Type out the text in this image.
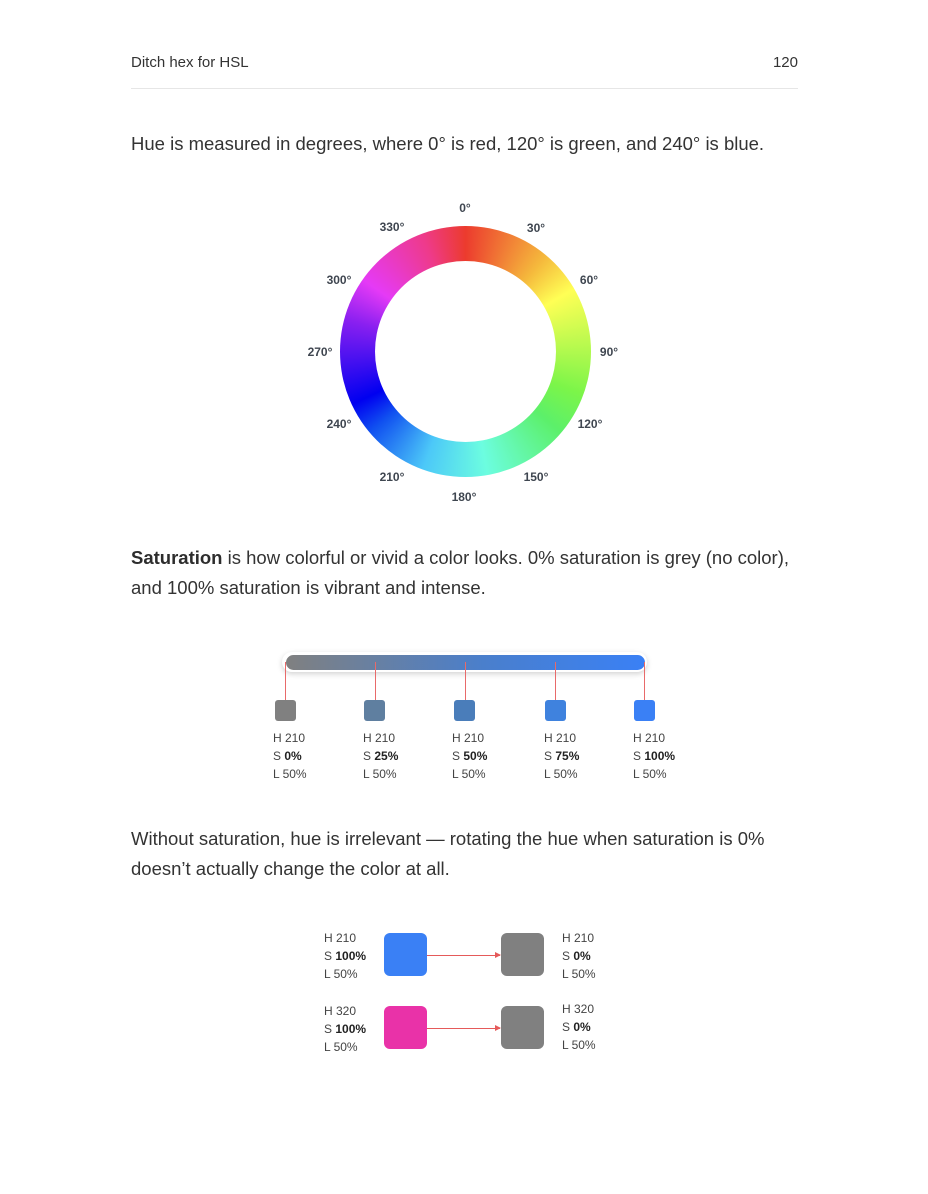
Ditch hex for HSL	120

Hue is measured in degrees, where 0° is red, 120° is green, and 240° is blue.

0°
30°
60°
90°
120°
150°
180°
210°
240°
270°
300°
330°

Saturation is how colorful or vivid a color looks. 0% saturation is grey (no color), and 100% saturation is vibrant and intense.

H 210
S 0%
L 50%
H 210
S 25%
L 50%
H 210
S 50%
L 50%
H 210
S 75%
L 50%
H 210
S 100%
L 50%

Without saturation, hue is irrelevant — rotating the hue when saturation is 0% doesn’t actually change the color at all.

H 210
S 100%
L 50%
H 210
S 0%
L 50%
H 320
S 100%
L 50%
H 320
S 0%
L 50%
